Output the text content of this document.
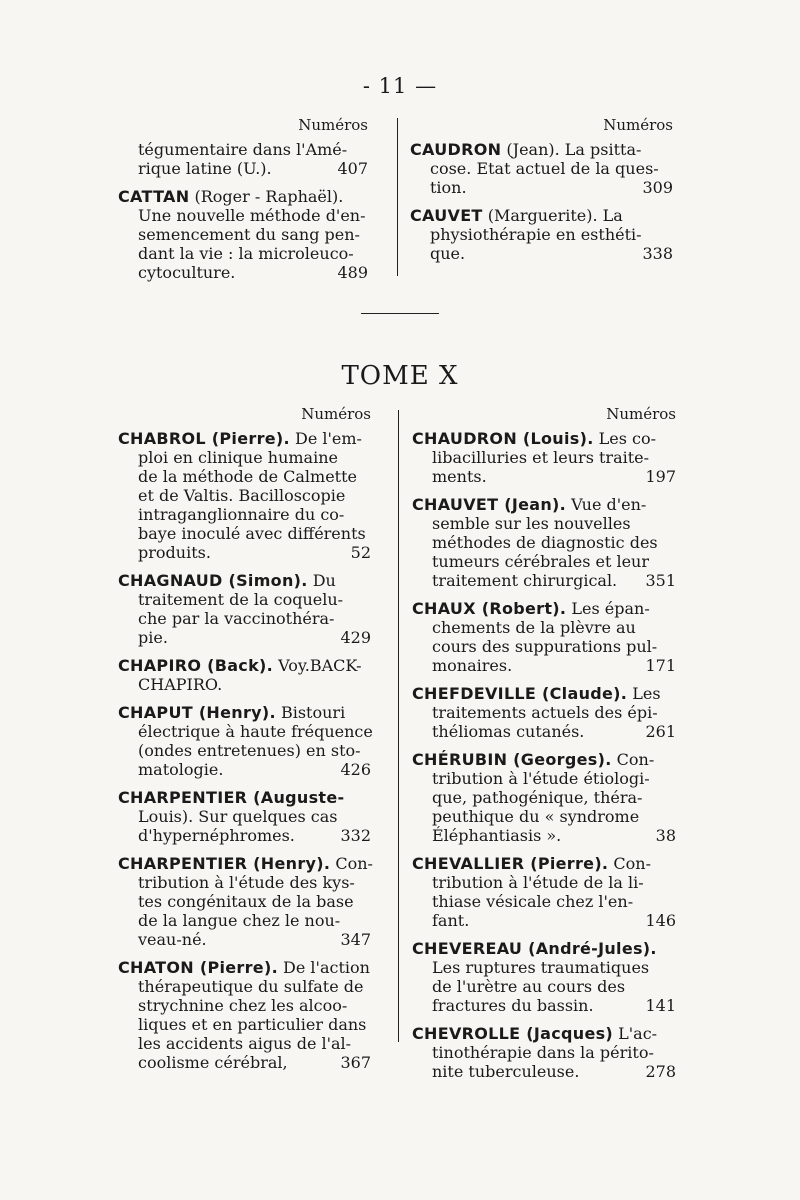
- 11 —
Numéros
tégumentaire dans l'Amé-
rique latine (U.).	407
CATTAN (Roger - Raphaël).
Une nouvelle méthode d'en-
semencement du sang pen-
dant la vie : la microleuco-
cytoculture.	489
Numéros
CAUDRON (Jean). La psitta-
cose. Etat actuel de la ques-
tion.	309
CAUVET (Marguerite). La
physiothérapie en esthéti-
que.	338
TOME X
Numéros
CHABROL (Pierre). De l'em-
ploi en clinique humaine
de la méthode de Calmette
et de Valtis. Bacilloscopie
intraganglionnaire du co-
baye inoculé avec différents
produits.	52
CHAGNAUD (Simon). Du
traitement de la coquelu-
che par la vaccinothéra-
pie.	429
CHAPIRO (Back). Voy.BACK-
CHAPIRO.
CHAPUT (Henry). Bistouri
électrique à haute fréquence
(ondes entretenues) en sto-
matologie.	426
CHARPENTIER (Auguste-
Louis). Sur quelques cas
d'hypernéphromes.	332
CHARPENTIER (Henry). Con-
tribution à l'étude des kys-
tes congénitaux de la base
de la langue chez le nou-
veau-né.	347
CHATON (Pierre). De l'action
thérapeutique du sulfate de
strychnine chez les alcoo-
liques et en particulier dans
les accidents aigus de l'al-
coolisme cérébral,	367
Numéros
CHAUDRON (Louis). Les co-
libacilluries et leurs traite-
ments.	197
CHAUVET (Jean). Vue d'en-
semble sur les nouvelles
méthodes de diagnostic des
tumeurs cérébrales et leur
traitement chirurgical.	351
CHAUX (Robert). Les épan-
chements de la plèvre au
cours des suppurations pul-
monaires.	171
CHEFDEVILLE (Claude). Les
traitements actuels des épi-
théliomas cutanés.	261
CHÉRUBIN (Georges). Con-
tribution à l'étude étiologi-
que, pathogénique, théra-
peuthique du « syndrome
Éléphantiasis ».	38
CHEVALLIER (Pierre). Con-
tribution à l'étude de la li-
thiase vésicale chez l'en-
fant.	146
CHEVEREAU (André-Jules).
Les ruptures traumatiques
de l'urètre au cours des
fractures du bassin.	141
CHEVROLLE (Jacques) L'ac-
tinothérapie dans la périto-
nite tuberculeuse.	278
